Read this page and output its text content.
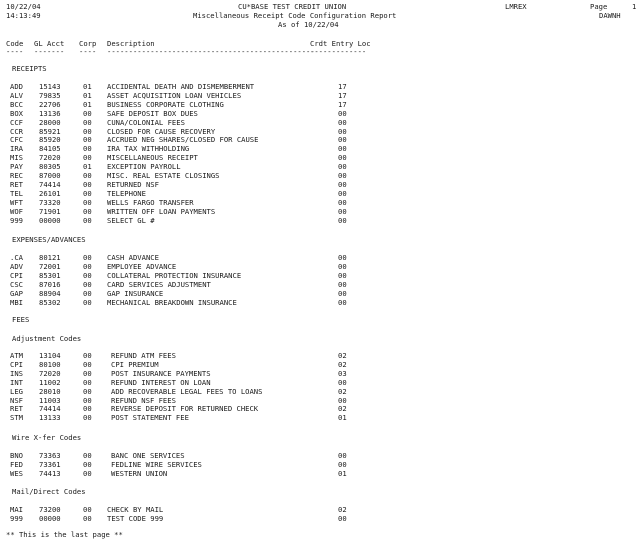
10/22/04
14:13:49
CU*BASE TEST CREDIT UNION
Miscellaneous Receipt Code Configuration Report
As of 10/22/04
LMREX	Page	1
DAWNH
Code GL Acct Corp Description	Crdt Entry Loc
---- ------- ---- ------------------------------------------------
-------------
RECEIPTS
EXPENSES/ADVANCES
FEES
Adjustment Codes
Wire X-fer Codes
Mail/Direct Codes
** This is the last page **
ADD 15143	01 ACCIDENTAL DEATH AND DISMEMBERMENT	17
ALV 79835	01 ASSET ACQUISITION LOAN VEHICLES	17
BCC 22706	01 BUSINESS CORPORATE CLOTHING	17
BOX 13136	00 SAFE DEPOSIT BOX DUES	00
CCF 28000	00 CUNA/COLONIAL FEES	00
CCR 85921	00 CLOSED FOR CAUSE RECOVERY	00
CFC 85920	00 ACCRUED NEG SHARES/CLOSED FOR CAUSE	00
IRA 84105	00 IRA TAX WITHHOLDING	00
MIS 72020	00 MISCELLANEOUS RECEIPT	00
PAY 80305	01 EXCEPTION PAYROLL	00
REC 87000	00 MISC. REAL ESTATE CLOSINGS	00
RET 74414	00 RETURNED NSF	00
TEL 26101	00 TELEPHONE	00
WFT 73320	00 WELLS FARGO TRANSFER	00
WOF 71901	00 WRITTEN OFF LOAN PAYMENTS	00
999 00000	00 SELECT GL #	00
.CA 80121	00 CASH ADVANCE	00
ADV 72001	00 EMPLOYEE ADVANCE	00
CPI 85301	00 COLLATERAL PROTECTION INSURANCE	00
CSC 87016	00 CARD SERVICES ADJUSTMENT	00
GAP 88904	00 GAP INSURANCE	00
MBI 85302	00 MECHANICAL BREAKDOWN INSURANCE	00
ATM 13104	00	REFUND ATM FEES	02
CPI 80100	00	CPI PREMIUM	02
INS 72020	00	POST INSURANCE PAYMENTS	03
INT 11002	00	REFUND INTEREST ON LOAN	00
LEG 28010	00	ADD RECOVERABLE LEGAL FEES TO LOANS	02
NSF 11003	00	REFUND NSF FEES	00
RET 74414	00	REVERSE DEPOSIT FOR RETURNED CHECK	02
STM 13133	00	POST STATEMENT FEE	01
BNO 73363	00	BANC ONE SERVICES	00
FED 73361	00	FEDLINE WIRE SERVICES	00
WES 74413	00	WESTERN UNION	01
MAI 73200	00 CHECK BY MAIL	02
999 00000	00 TEST CODE 999	00
